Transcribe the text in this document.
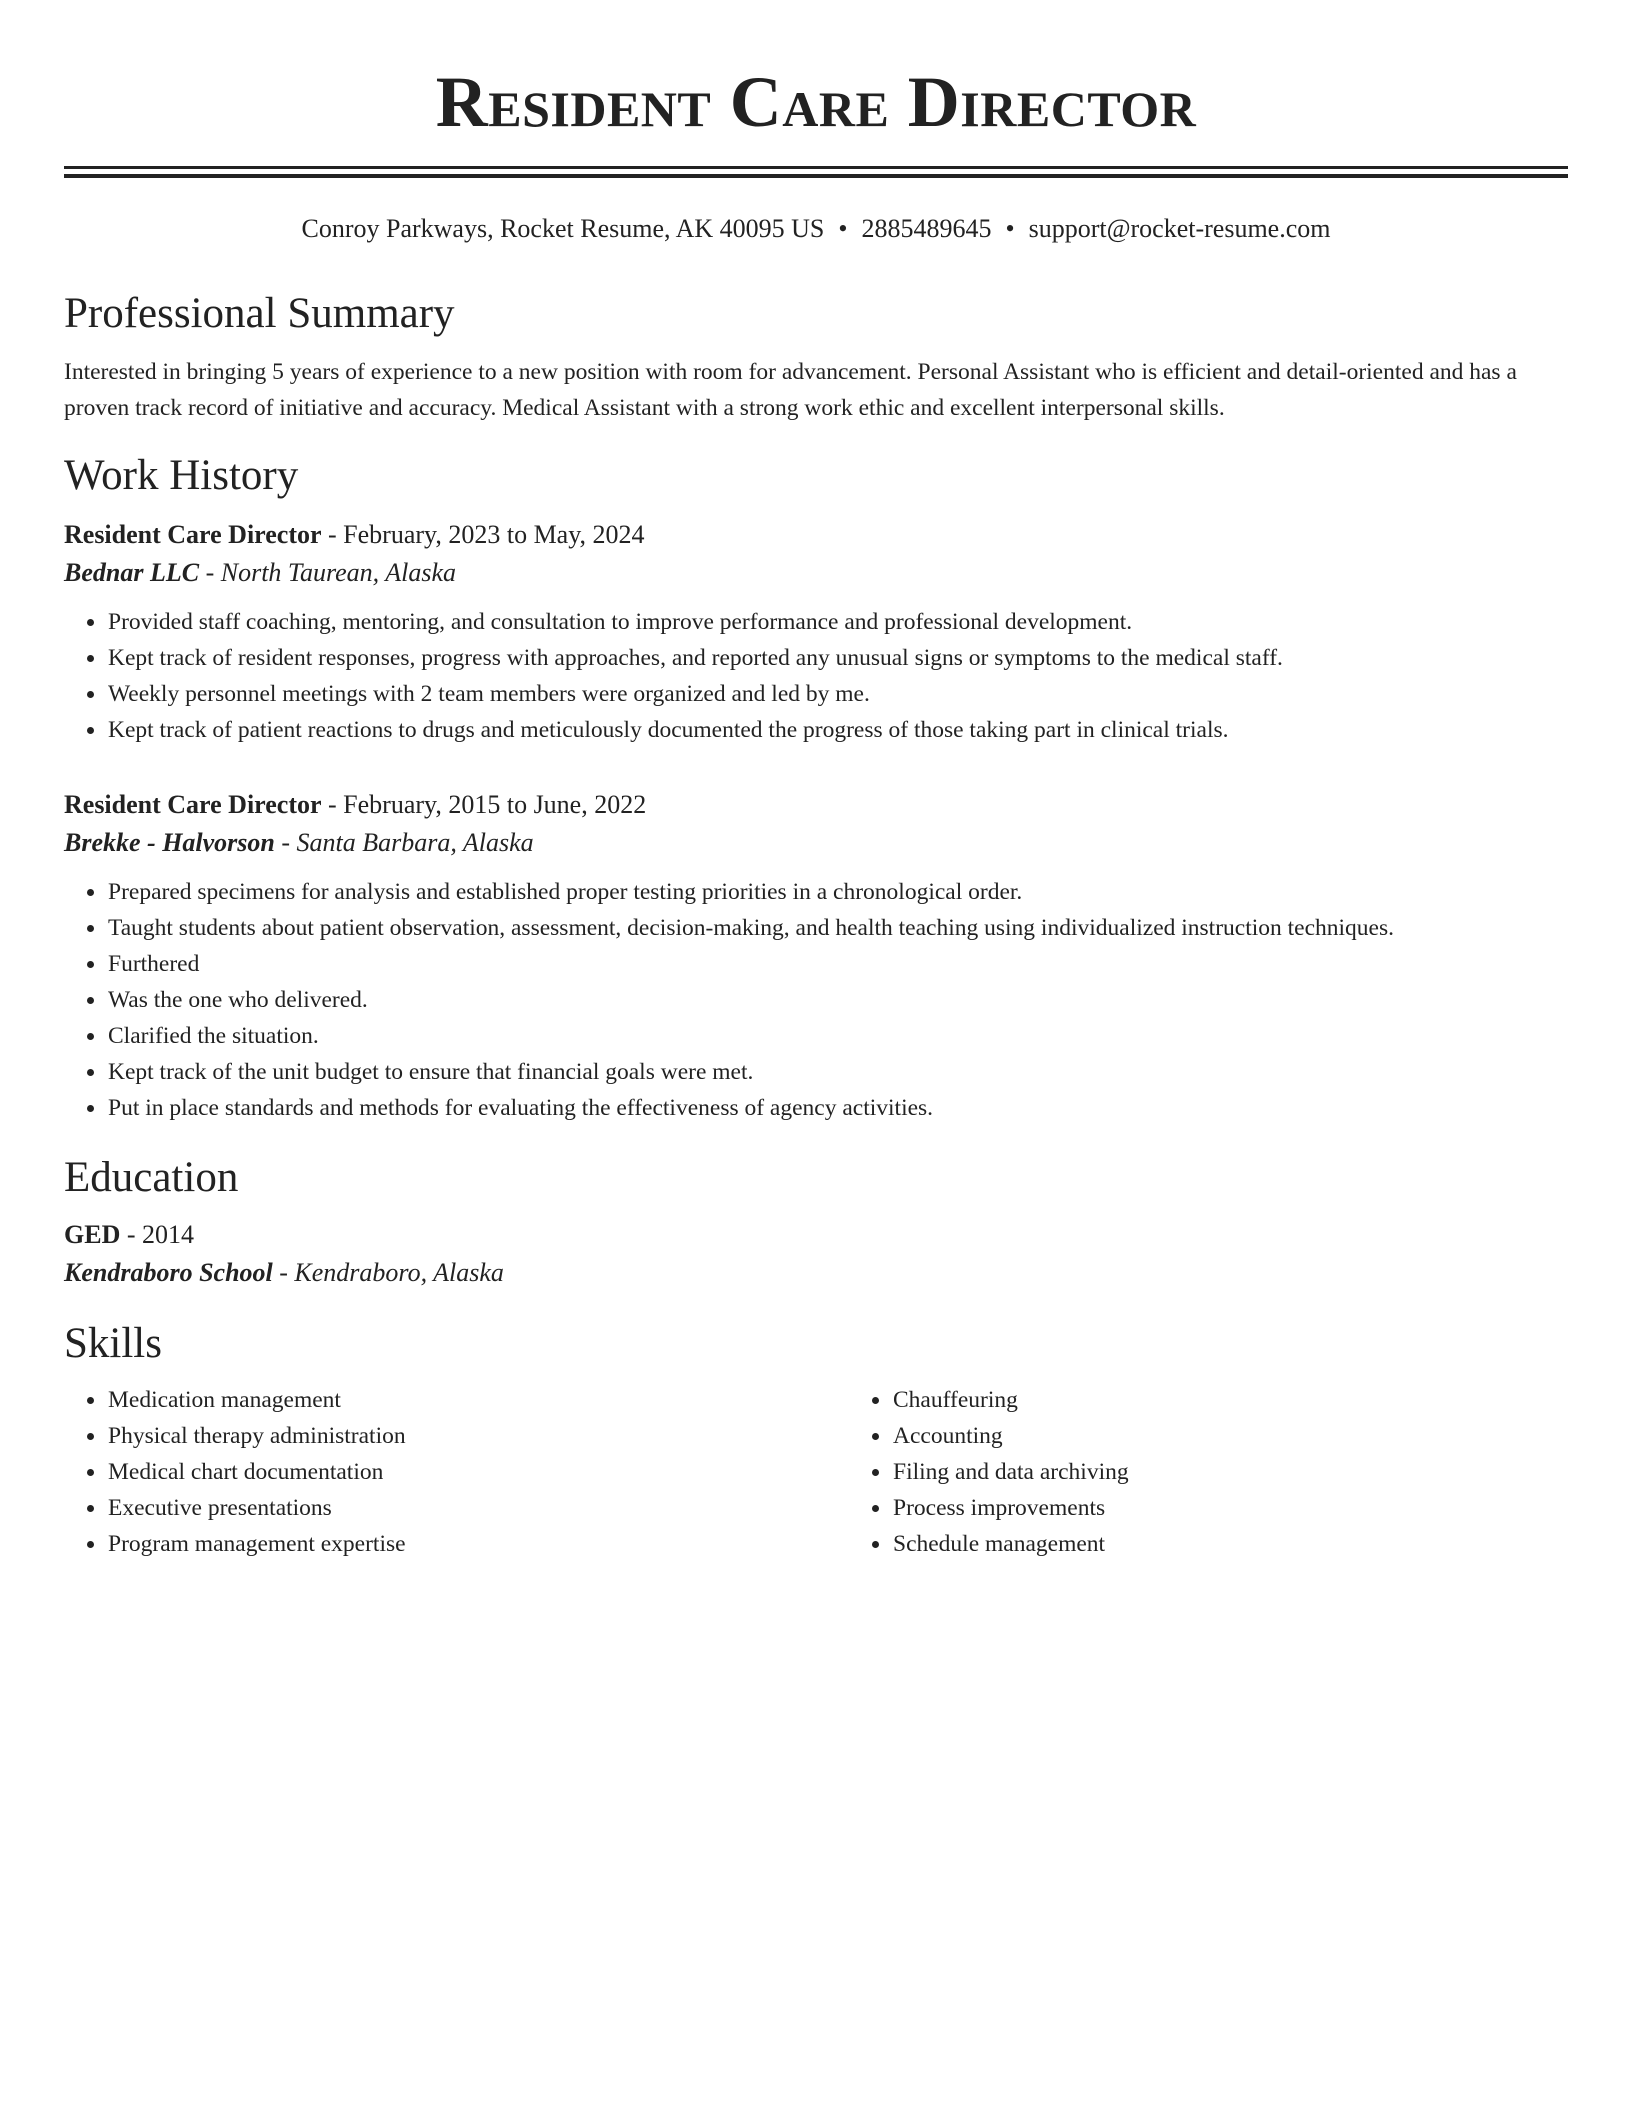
Resident Care Director
Conroy Parkways, Rocket Resume, AK 40095 US • 2885489645 • support@rocket-resume.com
Professional Summary

Interested in bringing 5 years of experience to a new position with room for advancement. Personal Assistant who is efficient and detail-oriented and has a proven track record of initiative and accuracy. Medical Assistant with a strong work ethic and excellent interpersonal skills.

Work History
Resident Care Director - February, 2023 to May, 2024
Bednar LLC - North Taurean, Alaska
• Provided staff coaching, mentoring, and consultation to improve performance and professional development.
• Kept track of resident responses, progress with approaches, and reported any unusual signs or symptoms to the medical staff.
• Weekly personnel meetings with 2 team members were organized and led by me.
• Kept track of patient reactions to drugs and meticulously documented the progress of those taking part in clinical trials.
Resident Care Director - February, 2015 to June, 2022
Brekke - Halvorson - Santa Barbara, Alaska
• Prepared specimens for analysis and established proper testing priorities in a chronological order.
• Taught students about patient observation, assessment, decision-making, and health teaching using individualized instruction techniques.
• Furthered
• Was the one who delivered.
• Clarified the situation.
• Kept track of the unit budget to ensure that financial goals were met.
• Put in place standards and methods for evaluating the effectiveness of agency activities.
Education
GED - 2014
Kendraboro School - Kendraboro, Alaska
Skills
• Medication management
• Physical therapy administration
• Medical chart documentation
• Executive presentations
• Program management expertise
• Chauffeuring
• Accounting
• Filing and data archiving
• Process improvements
• Schedule management
